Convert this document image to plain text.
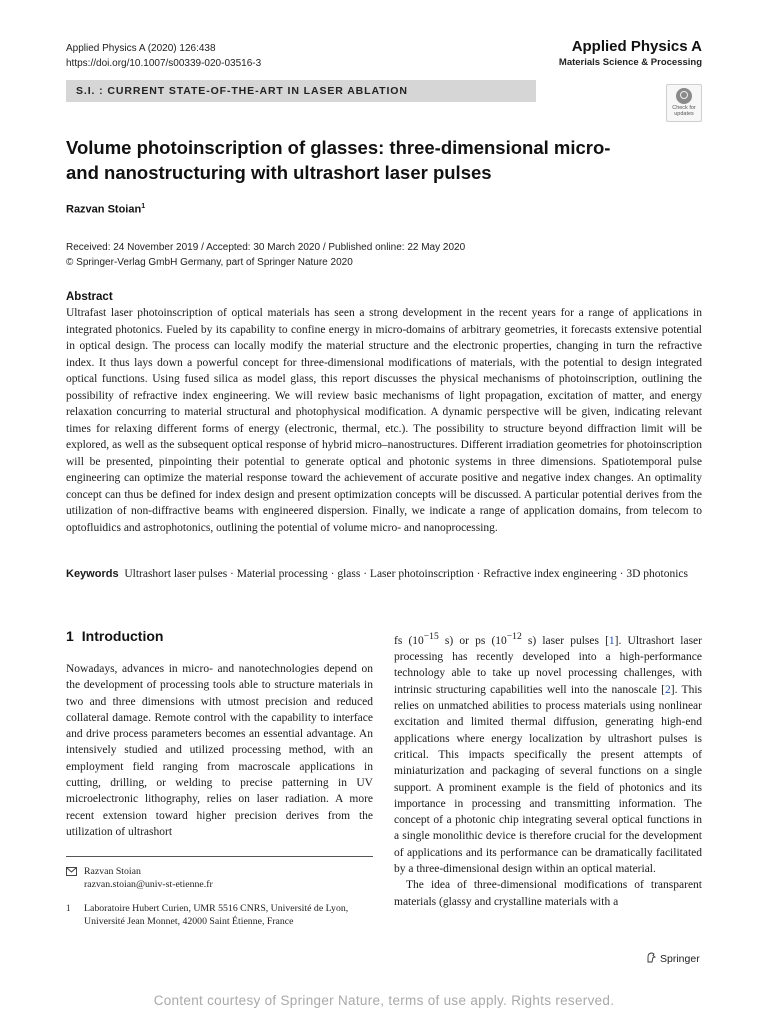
Applied Physics A (2020) 126:438
https://doi.org/10.1007/s00339-020-03516-3
Applied Physics A
Materials Science & Processing
S.I. : CURRENT STATE-OF-THE-ART IN LASER ABLATION
Check for
updates
Volume photoinscription of glasses: three-dimensional micro-
and nanostructuring with ultrashort laser pulses
Razvan Stoian$^1$
Received: 24 November 2019 / Accepted: 30 March 2020 / Published online: 22 May 2020
© Springer-Verlag GmbH Germany, part of Springer Nature 2020
Abstract
Ultrafast laser photoinscription of optical materials has seen a strong development in the recent years for a range of applications in integrated photonics. Fueled by its capability to confine energy in micro-domains of arbitrary geometries, it forecasts extensive potential in optical design. The process can locally modify the material structure and the electronic properties, changing in turn the refractive index. It thus lays down a powerful concept for three-dimensional modifications of materials, with the potential to design integrated optical functions. Using fused silica as model glass, this report discusses the physical mechanisms of photoinscription, outlining the possibility of refractive index engineering. We will review basic mechanisms of light propagation, excitation of matter, and energy relaxation concurring to material structural and photophysical modification. A dynamic perspective will be given, indicating relevant times for relaxing different forms of energy (electronic, thermal, etc.). The possibility to structure beyond diffraction limit will be explored, as well as the subsequent optical response of hybrid micro–nanostructures. Different irradiation geometries for photoinscription will be presented, pinpointing their potential to generate optical and photonic systems in three dimensions. Spatiotemporal pulse engineering can optimize the material response toward the achievement of accurate positive and negative index changes. An optimality concept can thus be defined for index design and present optimization concepts will be discussed. A particular potential derives from the utilization of non-diffractive beams with engineered dispersion. Finally, we indicate a range of application domains, from telecom to optofluidics and astrophotonics, outlining the potential of volume micro- and nanoprocessing.
Keywords Ultrashort laser pulses · Material processing · glass · Laser photoinscription · Refractive index engineering · 3D photonics
1 Introduction
Nowadays, advances in micro- and nanotechnologies depend on the development of processing tools able to structure materials in two and three dimensions with utmost precision and reduced collateral damage. Remote control with the capability to interface and drive process parameters becomes an essential advantage. An intensively studied and utilized processing method, with an employment field ranging from macroscale applications in cutting, drilling, or welding to precise patterning in UV microelectronic lithography, relies on laser radiation. A more recent extension toward higher precision derives from the utilization of ultrashort

fs ($10^{-15}$ s) or ps ($10^{-12}$ s) laser pulses [1]. Ultrashort laser processing has recently developed into a high-performance technology able to take up novel processing challenges, with intrinsic structuring capabilities well into the nanoscale [2]. This relies on unmatched abilities to process materials using nonlinear excitation and limited thermal diffusion, generating high-end applications where energy localization by ultrashort pulses is critical. This impacts specifically the present attempts of miniaturization and packaging of several functions on a single support. A prominent example is the field of photonics and its importance in processing and transmitting information. The concept of a photonic chip integrating several optical functions in a single monolithic device is therefore crucial for the development of applications and its performance can be dramatically facilitated by a three-dimensional design within an optical material.

The idea of three-dimensional modifications of transparent materials (glassy and crystalline materials with a

Razvan Stoian
razvan.stoian@univ-st-etienne.fr
1 Laboratoire Hubert Curien, UMR 5516 CNRS, Université de Lyon, Université Jean Monnet, 42000 Saint Étienne, France
Springer
Content courtesy of Springer Nature, terms of use apply. Rights reserved.
